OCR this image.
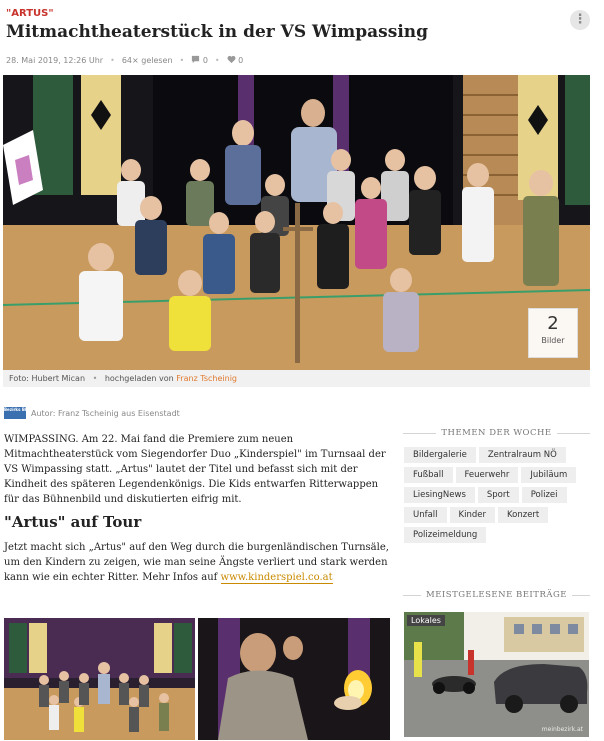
"ARTUS"	⋮
Mitmachtheaterstück in der VS Wimpassing
28. Mai 2019, 12:26 Uhr • 64× gelesen •	0 •	0
2
Bilder
Foto: Hubert Mican • hochgeladen von Franz Tscheinig
Bezirks Blätter
Autor: Franz Tscheinig aus Eisenstadt

WIMPASSING. Am 22. Mai fand die Premiere zum neuen Mitmachtheaterstück vom Siegendorfer Duo „Kinderspiel" im Turnsaal der VS Wimpassing statt. „Artus" lautet der Titel und befasst sich mit der Kindheit des späteren Legendenkönigs. Die Kids entwarfen Ritterwappen für das Bühnenbild und diskutierten eifrig mit.

"Artus" auf Tour

Jetzt macht sich „Artus" auf den Weg durch die burgenländischen Turnsäle, um den Kindern zu zeigen, wie man seine Ängste verliert und stark werden kann wie ein echter Ritter. Mehr Infos auf www.kinderspiel.co.at

THEMEN DER WOCHE
Bildergalerie	Zentralraum NÖ
Fußball	Feuerwehr	Jubiläum
LiesingNews	Sport	Polizei
Unfall	Kinder	Konzert
Polizeimeldung
MEISTGELESENE BEITRÄGE
Lokales
meinbezirk.at
